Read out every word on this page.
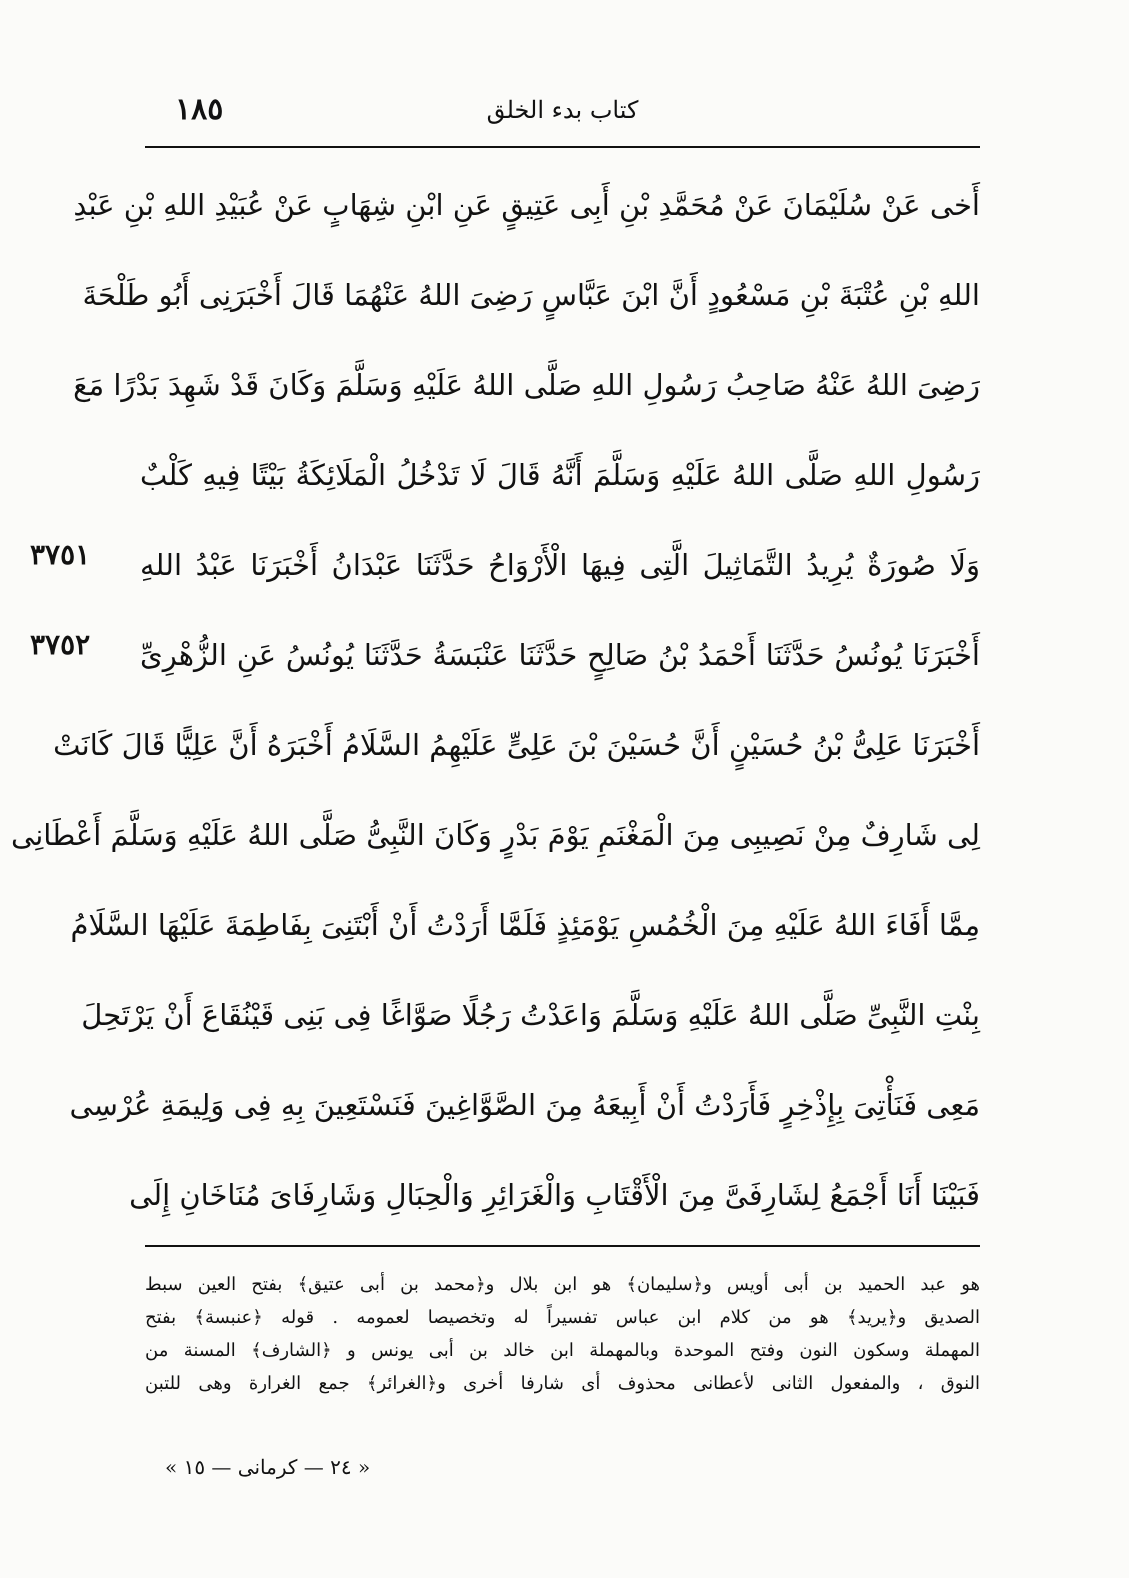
١٨٥	كتاب بدء الخلق
أَخى عَنْ سُلَيْمَانَ عَنْ مُحَمَّدِ بْنِ أَبِى عَتِيقٍ عَنِ ابْنِ شِهَابٍ عَنْ عُبَيْدِ اللهِ بْنِ عَبْدِ
اللهِ بْنِ عُتْبَةَ بْنِ مَسْعُودٍ أَنَّ ابْنَ عَبَّاسٍ رَضِىَ اللهُ عَنْهُمَا قَالَ أَخْبَرَنِى أَبُو طَلْحَةَ
رَضِىَ اللهُ عَنْهُ صَاحِبُ رَسُولِ اللهِ صَلَّى اللهُ عَلَيْهِ وَسَلَّمَ وَكَانَ قَدْ شَهِدَ بَدْرًا مَعَ
رَسُولِ اللهِ صَلَّى اللهُ عَلَيْهِ وَسَلَّمَ أَنَّهُ قَالَ لَا تَدْخُلُ الْمَلَائِكَةُ بَيْتًا فِيهِ كَلْبٌ
وَلَا صُورَةٌ يُرِيدُ التَّمَاثِيلَ الَّتِى فِيهَا الْأَرْوَاحُ حَدَّثَنَا عَبْدَانُ أَخْبَرَنَا عَبْدُ اللهِ
أَخْبَرَنَا يُونُسُ حَدَّثَنَا أَحْمَدُ بْنُ صَالِحٍ حَدَّثَنَا عَنْبَسَةُ حَدَّثَنَا يُونُسُ عَنِ الزُّهْرِىِّ
أَخْبَرَنَا عَلِىُّ بْنُ حُسَيْنٍ أَنَّ حُسَيْنَ بْنَ عَلِىٍّ عَلَيْهِمُ السَّلَامُ أَخْبَرَهُ أَنَّ عَلِيًّا قَالَ كَانَتْ
لِى شَارِفٌ مِنْ نَصِيبِى مِنَ الْمَغْنَمِ يَوْمَ بَدْرٍ وَكَانَ النَّبِىُّ صَلَّى اللهُ عَلَيْهِ وَسَلَّمَ أَعْطَانِى
مِمَّا أَفَاءَ اللهُ عَلَيْهِ مِنَ الْخُمُسِ يَوْمَئِذٍ فَلَمَّا أَرَدْتُ أَنْ أَبْتَنِىَ بِفَاطِمَةَ عَلَيْهَا السَّلَامُ
بِنْتِ النَّبِىِّ صَلَّى اللهُ عَلَيْهِ وَسَلَّمَ وَاعَدْتُ رَجُلًا صَوَّاغًا فِى بَنِى قَيْنُقَاعَ أَنْ يَرْتَحِلَ
مَعِى فَنَأْتِىَ بِإِذْخِرٍ فَأَرَدْتُ أَنْ أَبِيعَهُ مِنَ الصَّوَّاغِينَ فَنَسْتَعِينَ بِهِ فِى وَلِيمَةِ عُرْسِى
فَبَيْنَا أَنَا أَجْمَعُ لِشَارِفَىَّ مِنَ الْأَقْتَابِ وَالْغَرَائِرِ وَالْحِبَالِ وَشَارِفَاىَ مُنَاخَانِ إِلَى
٣٧٥١
٣٧٥٢
هو عبد الحميد بن أبى أويس و﴿سليمان﴾ هو ابن بلال و﴿محمد بن أبى عتيق﴾ بفتح العين سبط
الصديق و﴿يريد﴾ هو من كلام ابن عباس تفسيراً له وتخصيصا لعمومه . قوله ﴿عنبسة﴾ بفتح
المهملة وسكون النون وفتح الموحدة وبالمهملة ابن خالد بن أبى يونس و ﴿الشارف﴾ المسنة من
النوق ، والمفعول الثانى لأعطانى محذوف أى شارفا أخرى و﴿الغرائر﴾ جمع الغرارة وهى للتبن
« ٢٤ — كرمانى — ١٥ »
